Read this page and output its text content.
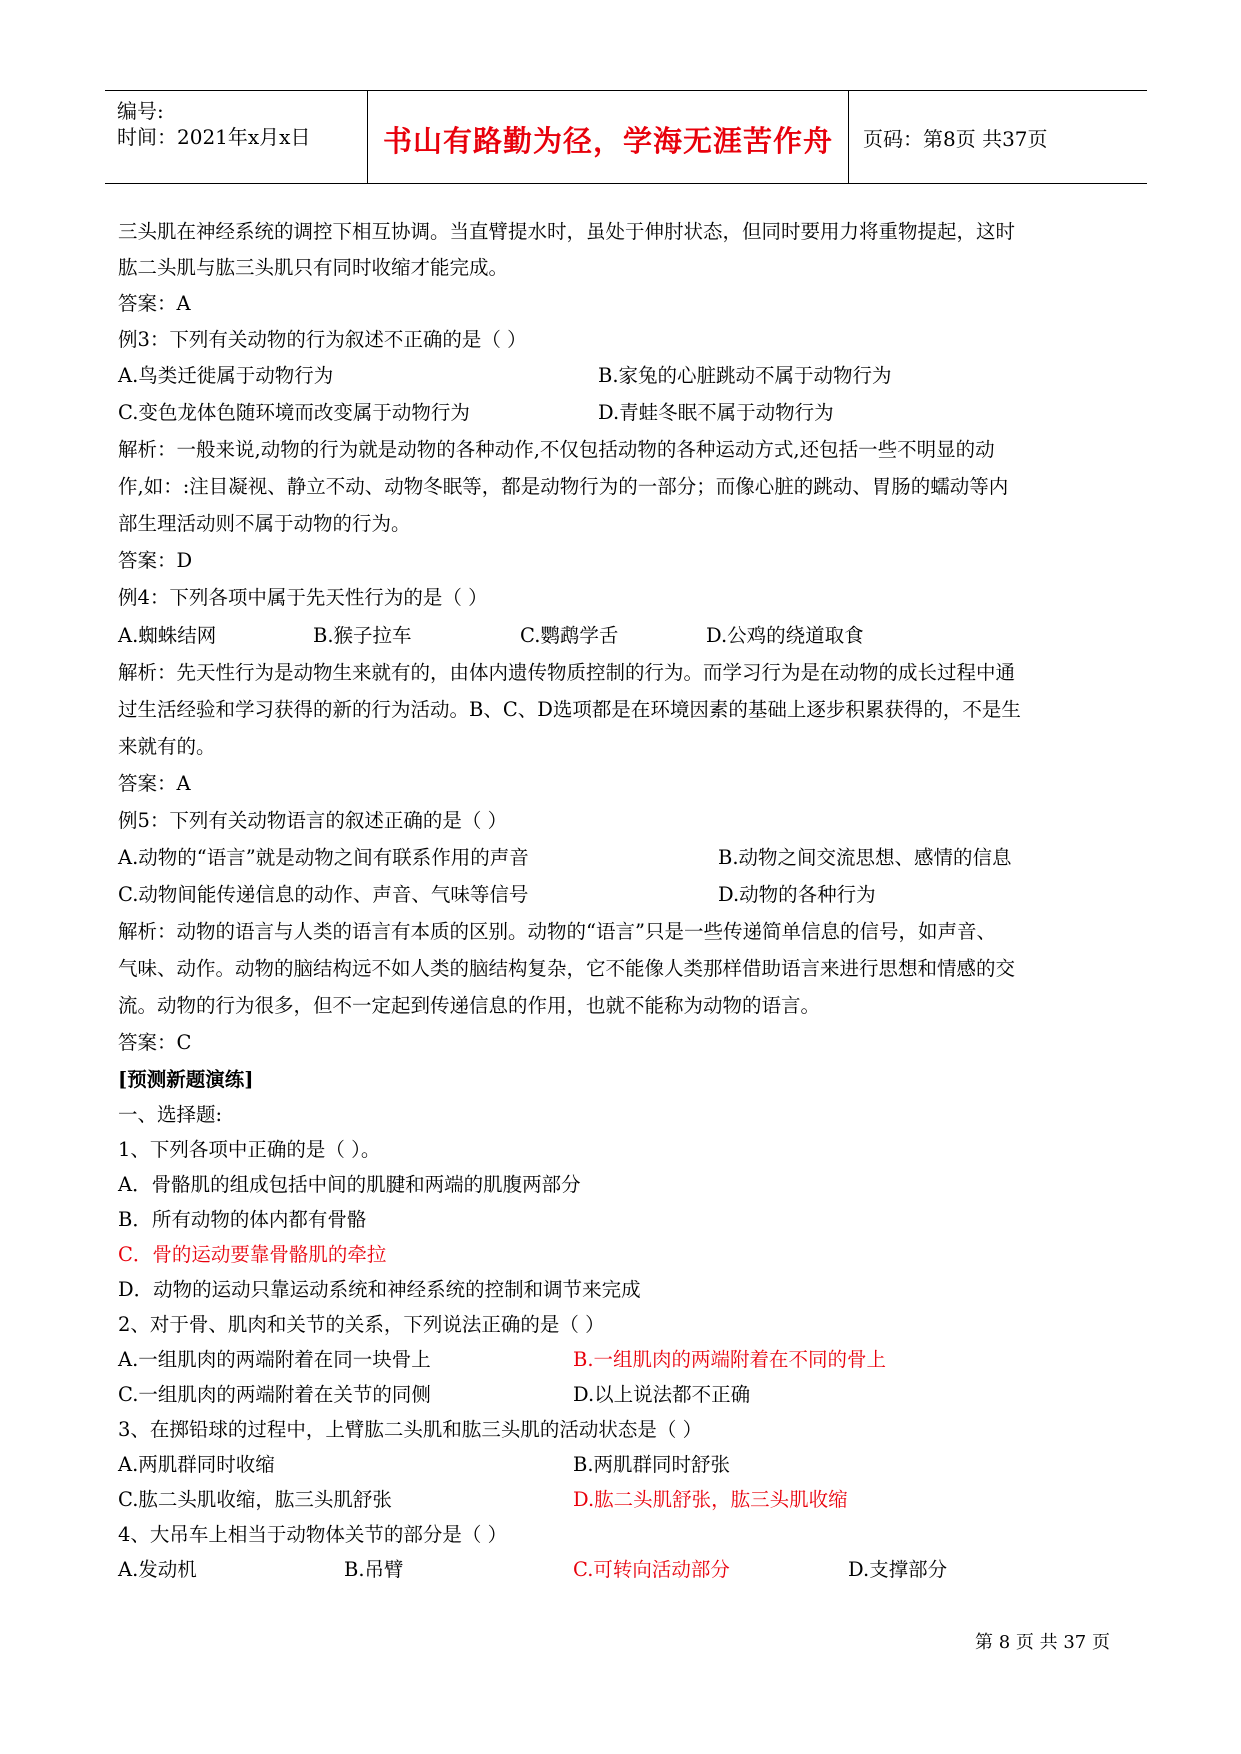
编号:
时间：2021年x月x日	书山有路勤为径，学海无涯苦作舟	页码：第8页 共37页
三头肌在神经系统的调控下相互协调。当直臂提水时，虽处于伸肘状态，但同时要用力将重物提起，这时
肱二头肌与肱三头肌只有同时收缩才能完成。
答案：A
例3：下列有关动物的行为叙述不正确的是（ ）
A.鸟类迁徙属于动物行为	B.家兔的心脏跳动不属于动物行为
C.变色龙体色随环境而改变属于动物行为	D.青蛙冬眠不属于动物行为
解析：一般来说,动物的行为就是动物的各种动作,不仅包括动物的各种运动方式,还包括一些不明显的动
作,如：:注目凝视、静立不动、动物冬眠等，都是动物行为的一部分；而像心脏的跳动、胃肠的蠕动等内
部生理活动则不属于动物的行为。
答案：D
例4：下列各项中属于先天性行为的是（ ）
A.蜘蛛结网	B.猴子拉车	C.鹦鹉学舌	D.公鸡的绕道取食
解析：先天性行为是动物生来就有的，由体内遗传物质控制的行为。而学习行为是在动物的成长过程中通
过生活经验和学习获得的新的行为活动。B、C、D选项都是在环境因素的基础上逐步积累获得的，不是生
来就有的。
答案：A
例5：下列有关动物语言的叙述正确的是（ ）
A.动物的“语言”就是动物之间有联系作用的声音	B.动物之间交流思想、感情的信息
C.动物间能传递信息的动作、声音、气味等信号	D.动物的各种行为
解析：动物的语言与人类的语言有本质的区别。动物的“语言”只是一些传递简单信息的信号，如声音、
气味、动作。动物的脑结构远不如人类的脑结构复杂，它不能像人类那样借助语言来进行思想和情感的交
流。动物的行为很多，但不一定起到传递信息的作用，也就不能称为动物的语言。
答案：C
[预测新题演练]
一、选择题:
1、下列各项中正确的是（ ）。
A．骨骼肌的组成包括中间的肌腱和两端的肌腹两部分
B．所有动物的体内都有骨骼
C．骨的运动要靠骨骼肌的牵拉
D．动物的运动只靠运动系统和神经系统的控制和调节来完成
2、对于骨、肌肉和关节的关系，下列说法正确的是（ ）
A.一组肌肉的两端附着在同一块骨上	B.一组肌肉的两端附着在不同的骨上
C.一组肌肉的两端附着在关节的同侧	D.以上说法都不正确
3、在掷铅球的过程中，上臂肱二头肌和肱三头肌的活动状态是（ ）
A.两肌群同时收缩	B.两肌群同时舒张
C.肱二头肌收缩，肱三头肌舒张	D.肱二头肌舒张，肱三头肌收缩
4、大吊车上相当于动物体关节的部分是（ ）
A.发动机	B.吊臂	C.可转向活动部分	D.支撑部分
第 8 页 共 37 页
